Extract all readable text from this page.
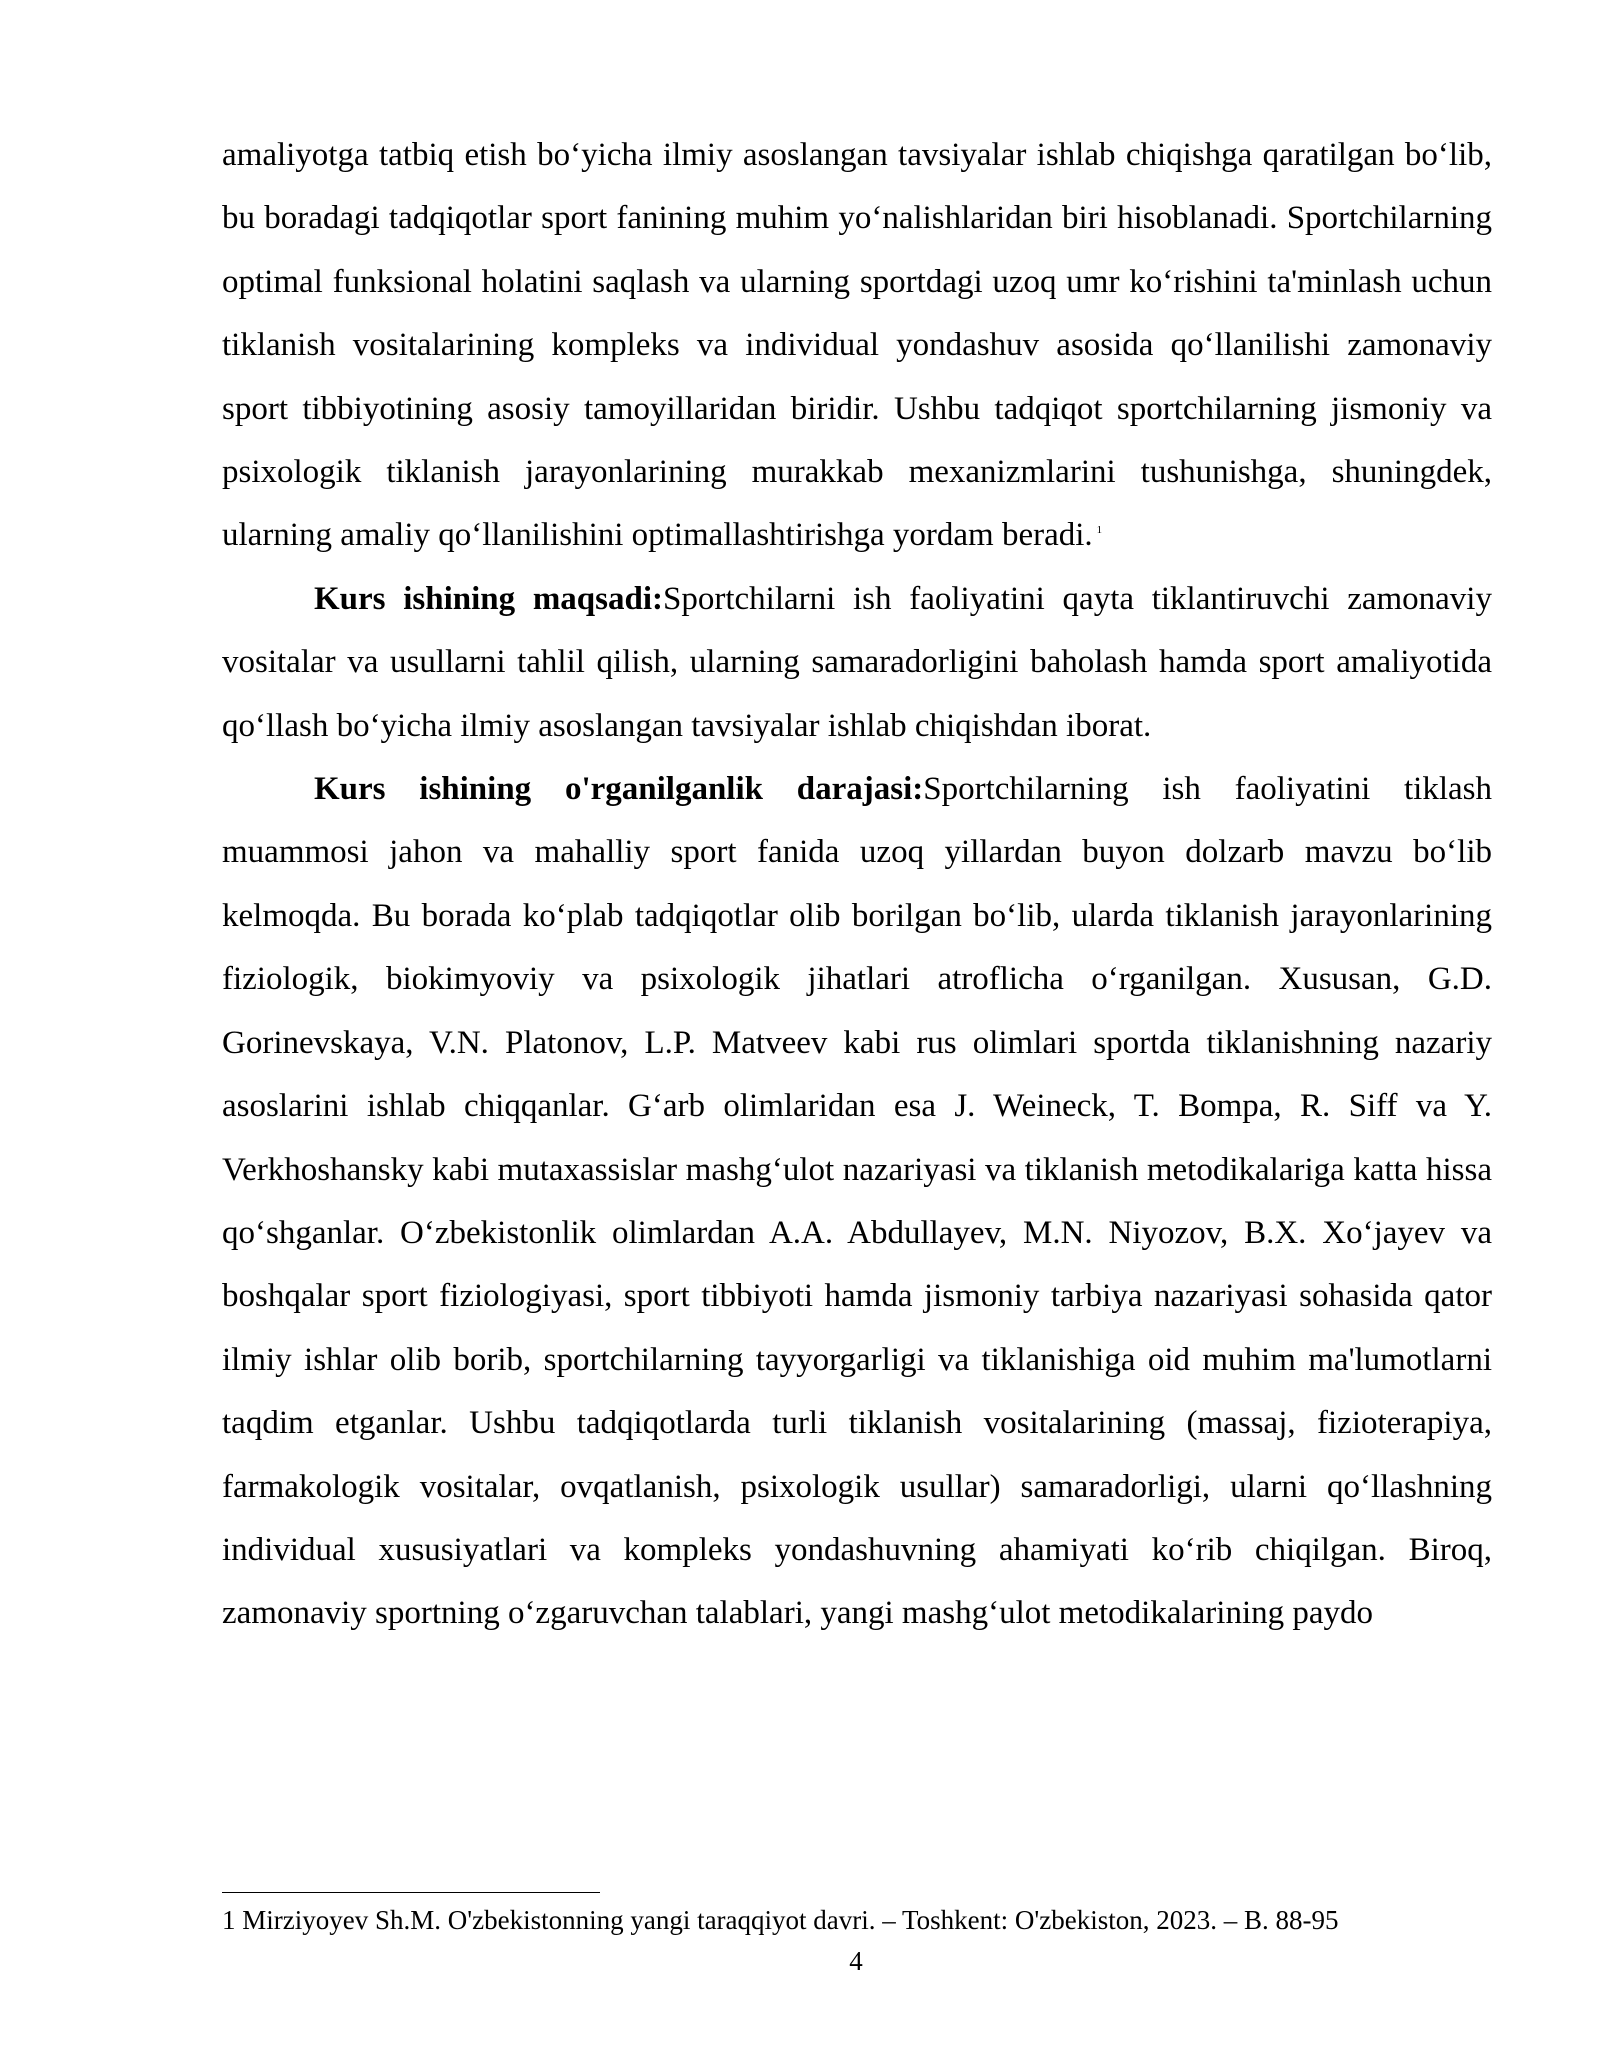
amaliyotga tatbiq etish bo‘yicha ilmiy asoslangan tavsiyalar ishlab chiqishga qaratilgan bo‘lib, bu boradagi tadqiqotlar sport fanining muhim yo‘nalishlaridan biri hisoblanadi. Sportchilarning optimal funksional holatini saqlash va ularning sportdagi uzoq umr ko‘rishini ta'minlash uchun tiklanish vositalarining kompleks va individual yondashuv asosida qo‘llanilishi zamonaviy sport tibbiyotining asosiy tamoyillaridan biridir. Ushbu tadqiqot sportchilarning jismoniy va psixologik tiklanish jarayonlarining murakkab mexanizmlarini tushunishga, shuningdek, ularning amaliy qo‘llanilishini optimallashtirishga yordam beradi. $^1$

Kurs ishining maqsadi:Sportchilarni ish faoliyatini qayta tiklantiruvchi zamonaviy vositalar va usullarni tahlil qilish, ularning samaradorligini baholash hamda sport amaliyotida qo‘llash bo‘yicha ilmiy asoslangan tavsiyalar ishlab chiqishdan iborat.

Kurs ishining o'rganilganlik darajasi:Sportchilarning ish faoliyatini tiklash muammosi jahon va mahalliy sport fanida uzoq yillardan buyon dolzarb mavzu bo‘lib kelmoqda. Bu borada ko‘plab tadqiqotlar olib borilgan bo‘lib, ularda tiklanish jarayonlarining fiziologik, biokimyoviy va psixologik jihatlari atroflicha o‘rganilgan. Xususan, G.D. Gorinevskaya, V.N. Platonov, L.P. Matveev kabi rus olimlari sportda tiklanishning nazariy asoslarini ishlab chiqqanlar. G‘arb olimlaridan esa J. Weineck, T. Bompa, R. Siff va Y. Verkhoshansky kabi mutaxassislar mashg‘ulot nazariyasi va tiklanish metodikalariga katta hissa qo‘shganlar. O‘zbekistonlik olimlardan A.A. Abdullayev, M.N. Niyozov, B.X. Xo‘jayev va boshqalar sport fiziologiyasi, sport tibbiyoti hamda jismoniy tarbiya nazariyasi sohasida qator ilmiy ishlar olib borib, sportchilarning tayyorgarligi va tiklanishiga oid muhim ma'lumotlarni taqdim etganlar. Ushbu tadqiqotlarda turli tiklanish vositalarining (massaj, fizioterapiya, farmakologik vositalar, ovqatlanish, psixologik usullar) samaradorligi, ularni qo‘llashning individual xususiyatlari va kompleks yondashuvning ahamiyati ko‘rib chiqilgan. Biroq, zamonaviy sportning o‘zgaruvchan talablari, yangi mashg‘ulot metodikalarining paydo

1 Mirziyoyev Sh.M. O'zbekistonning yangi taraqqiyot davri. – Toshkent: O'zbekiston, 2023. – B. 88-95
4
